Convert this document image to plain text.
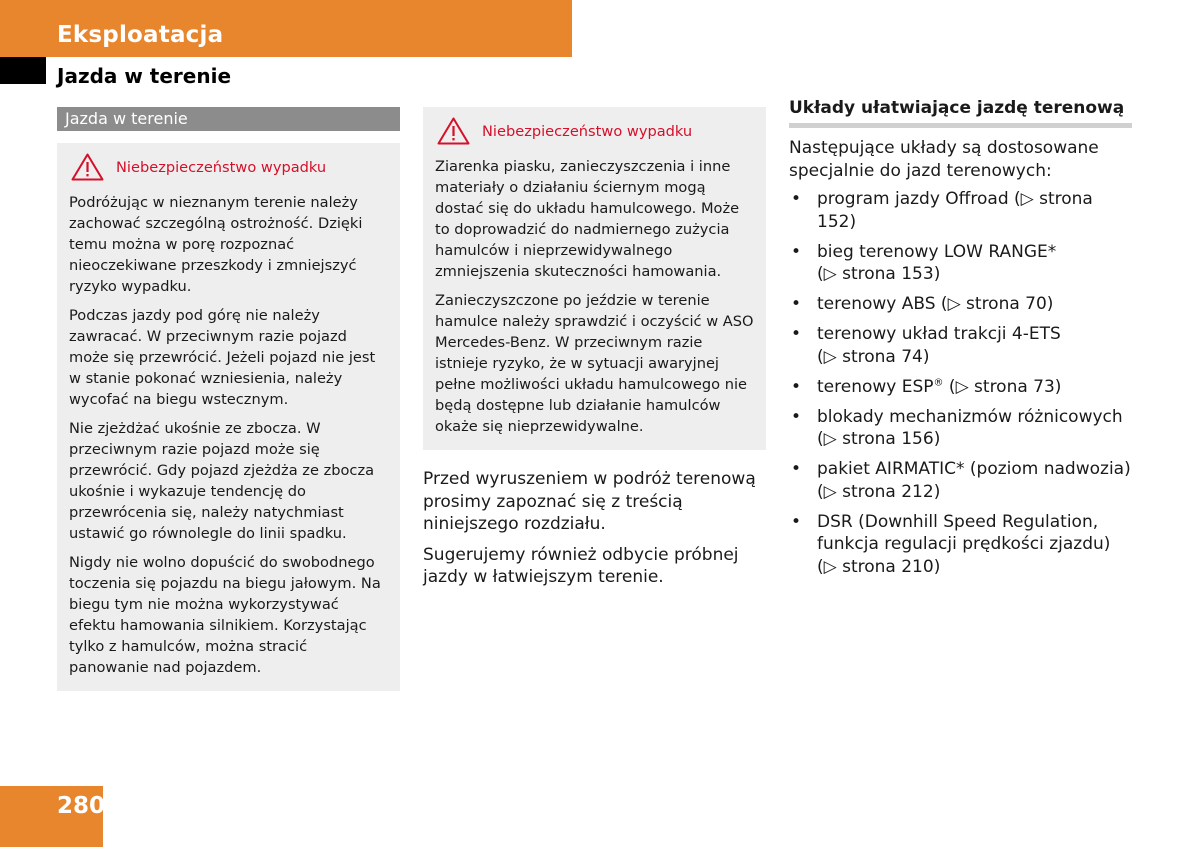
Eksploatacja
Jazda w terenie
Jazda w terenie
Niebezpieczeństwo wypadku

Podróżując w nieznanym terenie należy zachować szczególną ostrożność. Dzięki temu można w porę rozpoznać nieoczekiwane przeszkody i zmniejszyć ryzyko wypadku.

Podczas jazdy pod górę nie należy zawracać. W przeciwnym razie pojazd może się przewrócić. Jeżeli pojazd nie jest w stanie pokonać wzniesienia, należy wycofać na biegu wstecznym.

Nie zjeżdżać ukośnie ze zbocza. W przeciwnym razie pojazd może się przewrócić. Gdy pojazd zjeżdża ze zbocza ukośnie i wykazuje tendencję do przewrócenia się, należy natychmiast ustawić go równolegle do linii spadku.

Nigdy nie wolno dopuścić do swobodnego toczenia się pojazdu na biegu jałowym. Na biegu tym nie można wykorzystywać efektu hamowania silnikiem. Korzystając tylko z hamulców, można stracić panowanie nad pojazdem.

Niebezpieczeństwo wypadku

Ziarenka piasku, zanieczyszczenia i inne materiały o działaniu ściernym mogą dostać się do układu hamulcowego. Może to doprowadzić do nadmiernego zużycia hamulców i nieprzewidywalnego zmniejszenia skuteczności hamowania.

Zanieczyszczone po jeździe w terenie hamulce należy sprawdzić i oczyścić w ASO Mercedes-Benz. W przeciwnym razie istnieje ryzyko, że w sytuacji awaryjnej pełne możliwości układu hamulcowego nie będą dostępne lub działanie hamulców okaże się nieprzewidywalne.

Przed wyruszeniem w podróż terenową prosimy zapoznać się z treścią niniejszego rozdziału.

Sugerujemy również odbycie próbnej jazdy w łatwiejszym terenie.

Układy ułatwiające jazdę terenową

Następujące układy są dostosowane specjalnie do jazd terenowych:

• program jazdy Offroad (▷ strona 152)
• bieg terenowy LOW RANGE*
(▷ strona 153)
• terenowy ABS (▷ strona 70)
• terenowy układ trakcji 4-ETS
(▷ strona 74)
• terenowy ESP® (▷ strona 73)
• blokady mechanizmów różnicowych
(▷ strona 156)
• pakiet AIRMATIC* (poziom nadwozia)
(▷ strona 212)
• DSR (Downhill Speed Regulation, funkcja regulacji prędkości zjazdu)
(▷ strona 210)
280
